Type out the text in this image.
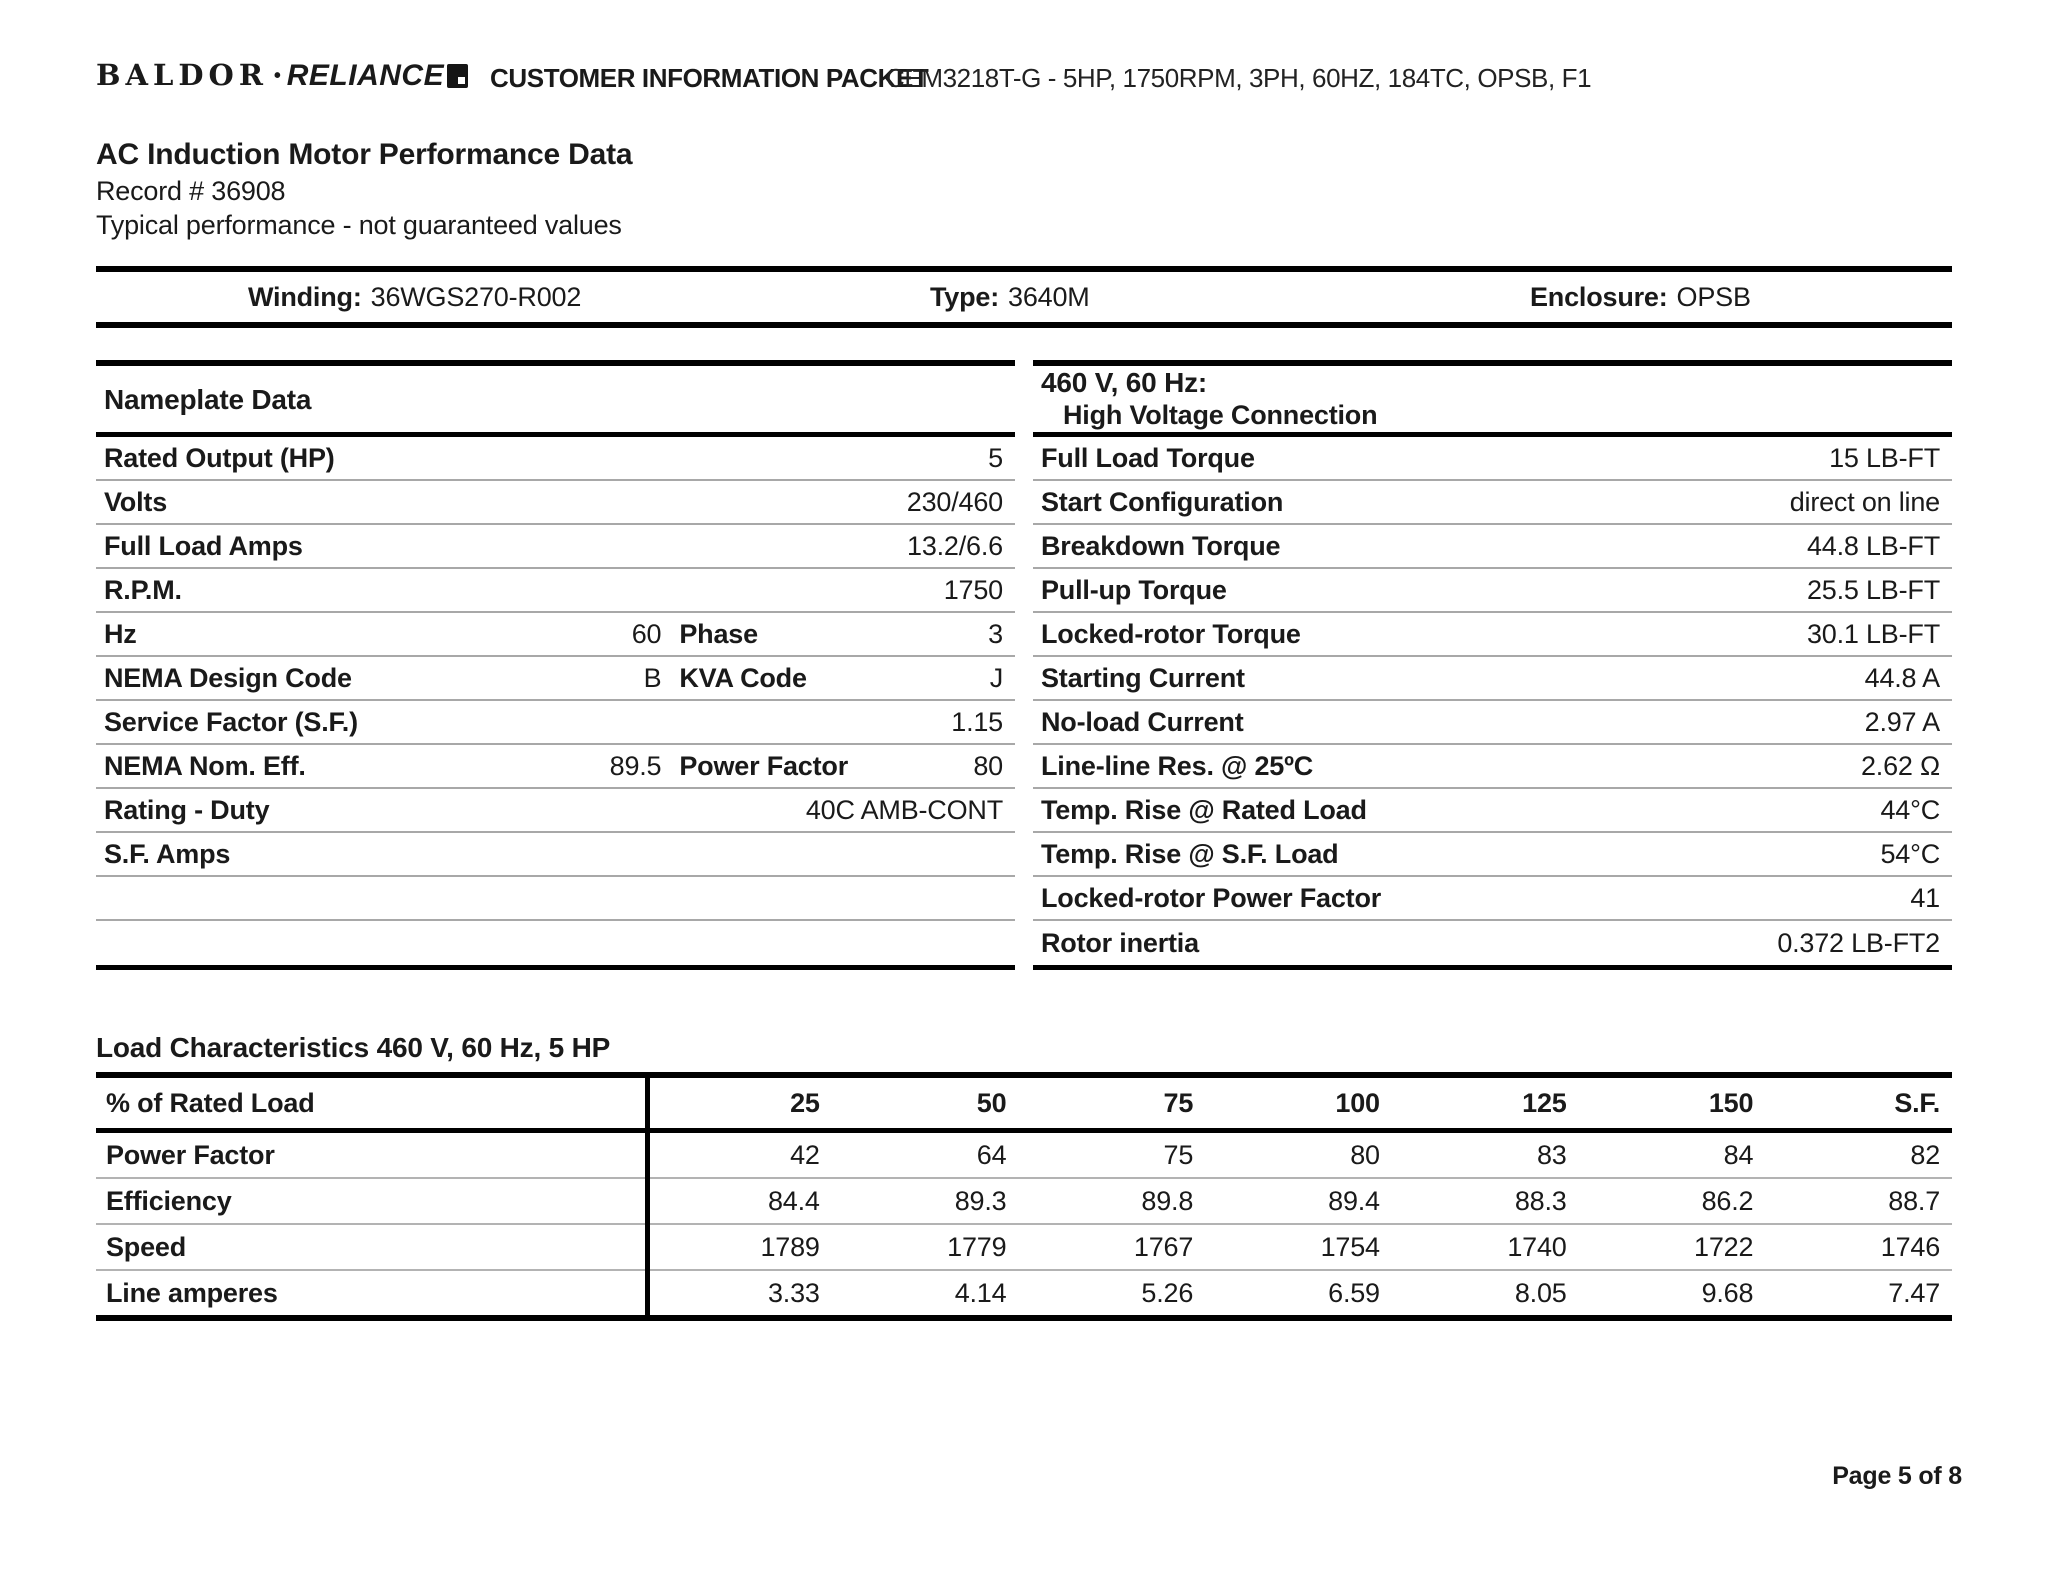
BALDOR • RELIANCE CUSTOMER INFORMATION PACKET
CEM3218T-G - 5HP, 1750RPM, 3PH, 60HZ, 184TC, OPSB, F1
AC Induction Motor Performance Data
Record # 36908
Typical performance - not guaranteed values
Winding: 36WGS270-R002	Type: 3640M	Enclosure: OPSB
Nameplate Data
Rated Output (HP)	5
Volts	230/460
Full Load Amps	13.2/6.6
R.P.M.	1750
Hz	60 Phase	3
NEMA Design Code	B KVA Code	J
Service Factor (S.F.)	1.15
NEMA Nom. Eff.	89.5 Power Factor	80
Rating - Duty	40C AMB-CONT
S.F. Amps
460 V, 60 Hz:
High Voltage Connection
Full Load Torque	15 LB-FT
Start Configuration	direct on line
Breakdown Torque	44.8 LB-FT
Pull-up Torque	25.5 LB-FT
Locked-rotor Torque	30.1 LB-FT
Starting Current	44.8 A
No-load Current	2.97 A
Line-line Res. @ 25ºC	2.62 Ω
Temp. Rise @ Rated Load	44°C
Temp. Rise @ S.F. Load	54°C
Locked-rotor Power Factor	41
Rotor inertia	0.372 LB-FT2
Load Characteristics 460 V, 60 Hz, 5 HP
% of Rated Load	25	50	75	100	125	150	S.F.
Power Factor	42	64	75	80	83	84	82
Efficiency	84.4	89.3	89.8	89.4	88.3	86.2	88.7
Speed	1789	1779	1767	1754	1740	1722	1746
Line amperes	3.33	4.14	5.26	6.59	8.05	9.68	7.47
Page 5 of 8
